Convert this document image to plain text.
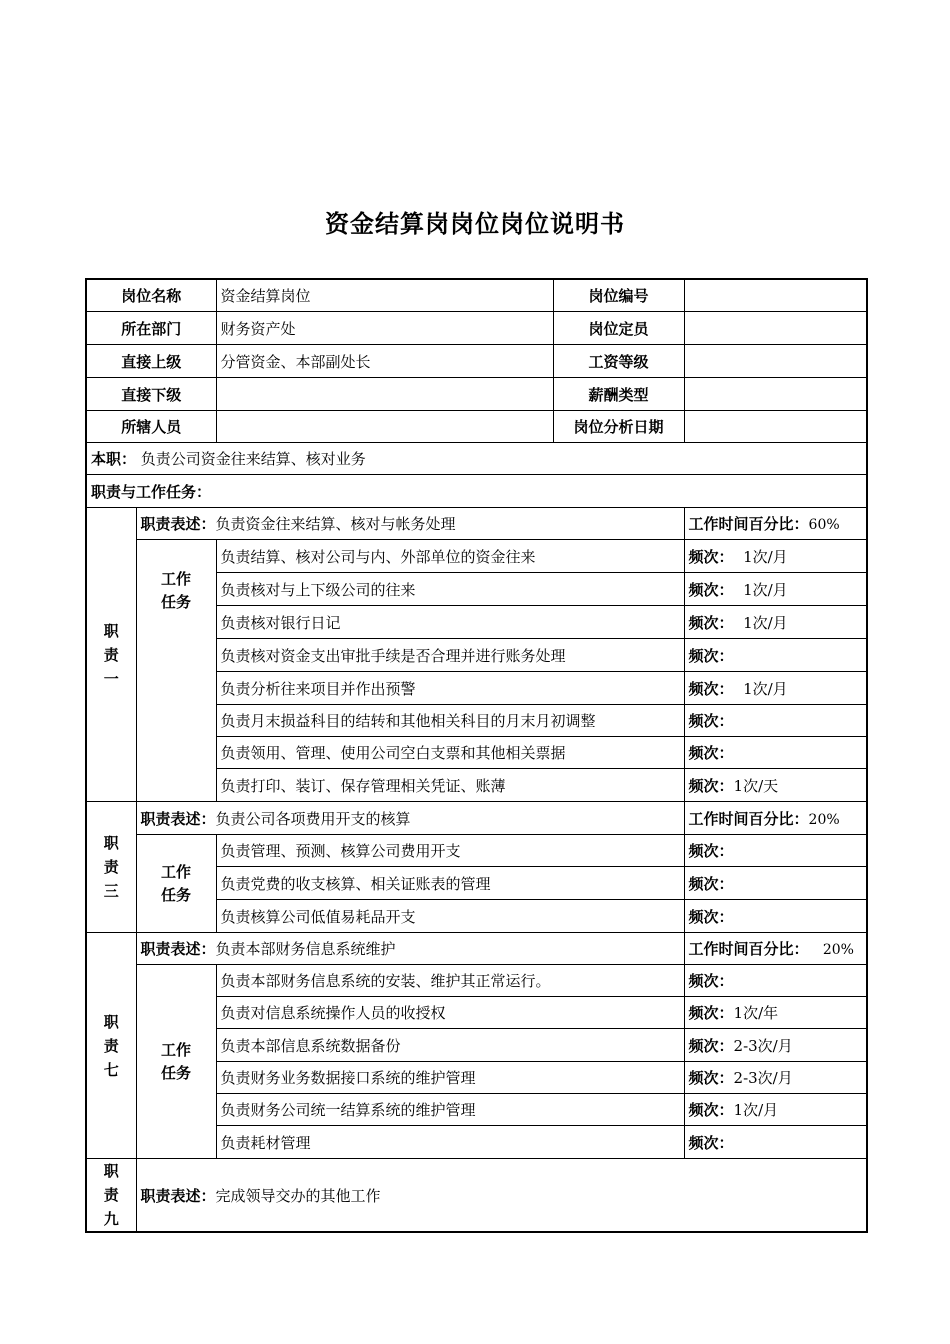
资金结算岗岗位岗位说明书
岗位名称		资金结算岗位	岗位编号	
所在部门		财务资产处	岗位定员	
直接上级		分管资金、本部副处长	工资等级	
直接下级			薪酬类型	
所辖人员			岗位分析日期	
本职： 负责公司资金往来结算、核对业务				
职责与工作任务：				
职
责
一	职责表述：负责资金往来结算、核对与帐务处理			工作时间百分比：60%
	工作
任务	负责结算、核对公司与内、外部单位的资金往来		频次： 1次/月
		负责核对与上下级公司的往来		频次： 1次/月
		负责核对银行日记		频次： 1次/月
		负责核对资金支出审批手续是否合理并进行账务处理		频次：
		负责分析往来项目并作出预警		频次： 1次/月
		负责月末损益科目的结转和其他相关科目的月末月初调整		频次：
		负责领用、管理、使用公司空白支票和其他相关票据		频次：
		负责打印、装订、保存管理相关凭证、账薄		频次：1次/天
职
责
三	职责表述：负责公司各项费用开支的核算			工作时间百分比：20%
	工作
任务	负责管理、预测、核算公司费用开支		频次：
		负责党费的收支核算、相关证账表的管理		频次：
		负责核算公司低值易耗品开支		频次：
职
责
七	职责表述：负责本部财务信息系统维护			工作时间百分比： 20%
	工作
任务	负责本部财务信息系统的安装、维护其正常运行。		频次：
		负责对信息系统操作人员的收授权		频次：1次/年
		负责本部信息系统数据备份		频次：2-3次/月
		负责财务业务数据接口系统的维护管理		频次：2-3次/月
		负责财务公司统一结算系统的维护管理		频次：1次/月
		负责耗材管理		频次：
职
责
九	职责表述：完成领导交办的其他工作			
